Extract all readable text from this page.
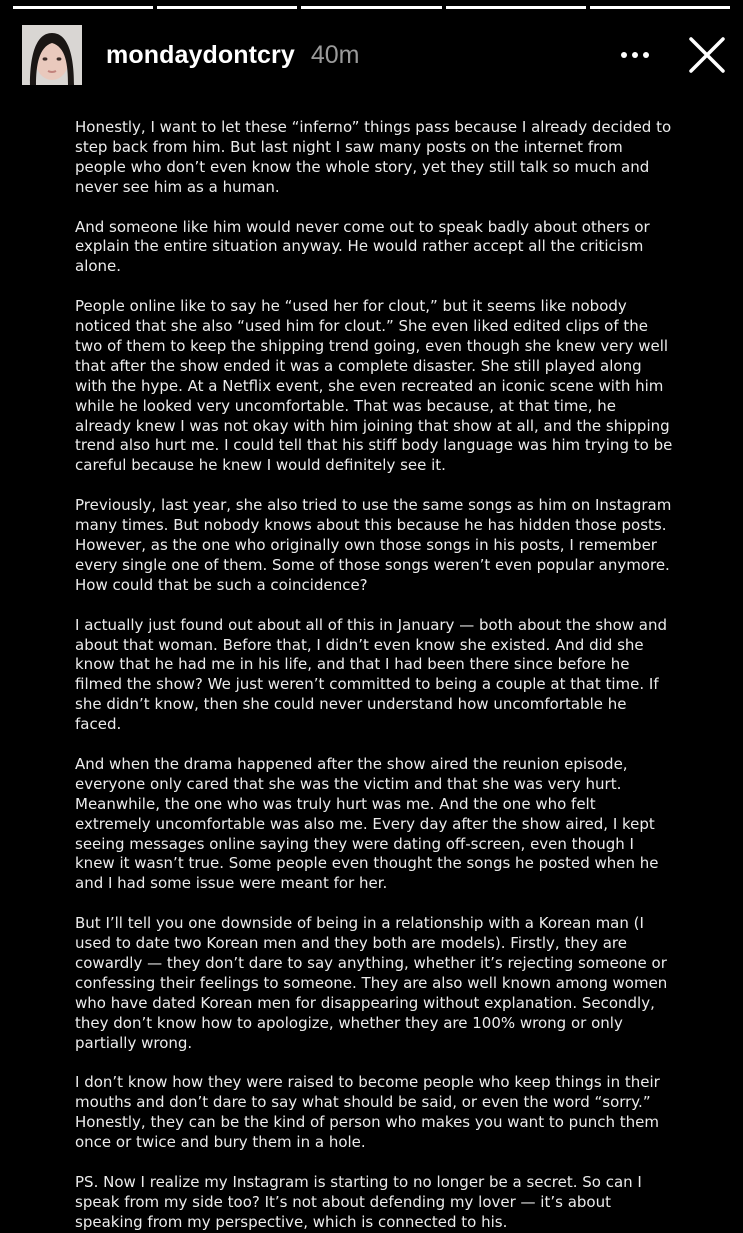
mondaydontcry 40m

Honestly, I want to let these “inferno” things pass because I already decided to step back from him. But last night I saw many posts on the internet from people who don’t even know the whole story, yet they still talk so much and never see him as a human.

And someone like him would never come out to speak badly about others or explain the entire situation anyway. He would rather accept all the criticism alone.

People online like to say he “used her for clout,” but it seems like nobody noticed that she also “used him for clout.” She even liked edited clips of the two of them to keep the shipping trend going, even though she knew very well that after the show ended it was a complete disaster. She still played along with the hype. At a Netflix event, she even recreated an iconic scene with him while he looked very uncomfortable. That was because, at that time, he already knew I was not okay with him joining that show at all, and the shipping trend also hurt me. I could tell that his stiff body language was him trying to be careful because he knew I would definitely see it.

Previously, last year, she also tried to use the same songs as him on Instagram many times. But nobody knows about this because he has hidden those posts. However, as the one who originally own those songs in his posts, I remember every single one of them. Some of those songs weren’t even popular anymore. How could that be such a coincidence?

I actually just found out about all of this in January — both about the show and about that woman. Before that, I didn’t even know she existed. And did she know that he had me in his life, and that I had been there since before he filmed the show? We just weren’t committed to being a couple at that time. If she didn’t know, then she could never understand how uncomfortable he faced.

And when the drama happened after the show aired the reunion episode, everyone only cared that she was the victim and that she was very hurt. Meanwhile, the one who was truly hurt was me. And the one who felt extremely uncomfortable was also me. Every day after the show aired, I kept seeing messages online saying they were dating off-screen, even though I knew it wasn’t true. Some people even thought the songs he posted when he and I had some issue were meant for her.

But I’ll tell you one downside of being in a relationship with a Korean man (I used to date two Korean men and they both are models). Firstly, they are cowardly — they don’t dare to say anything, whether it’s rejecting someone or confessing their feelings to someone. They are also well known among women who have dated Korean men for disappearing without explanation. Secondly, they don’t know how to apologize, whether they are 100% wrong or only partially wrong.

I don’t know how they were raised to become people who keep things in their mouths and don’t dare to say what should be said, or even the word “sorry.” Honestly, they can be the kind of person who makes you want to punch them once or twice and bury them in a hole.

PS. Now I realize my Instagram is starting to no longer be a secret. So can I speak from my side too? It’s not about defending my lover — it’s about speaking from my perspective, which is connected to his.
